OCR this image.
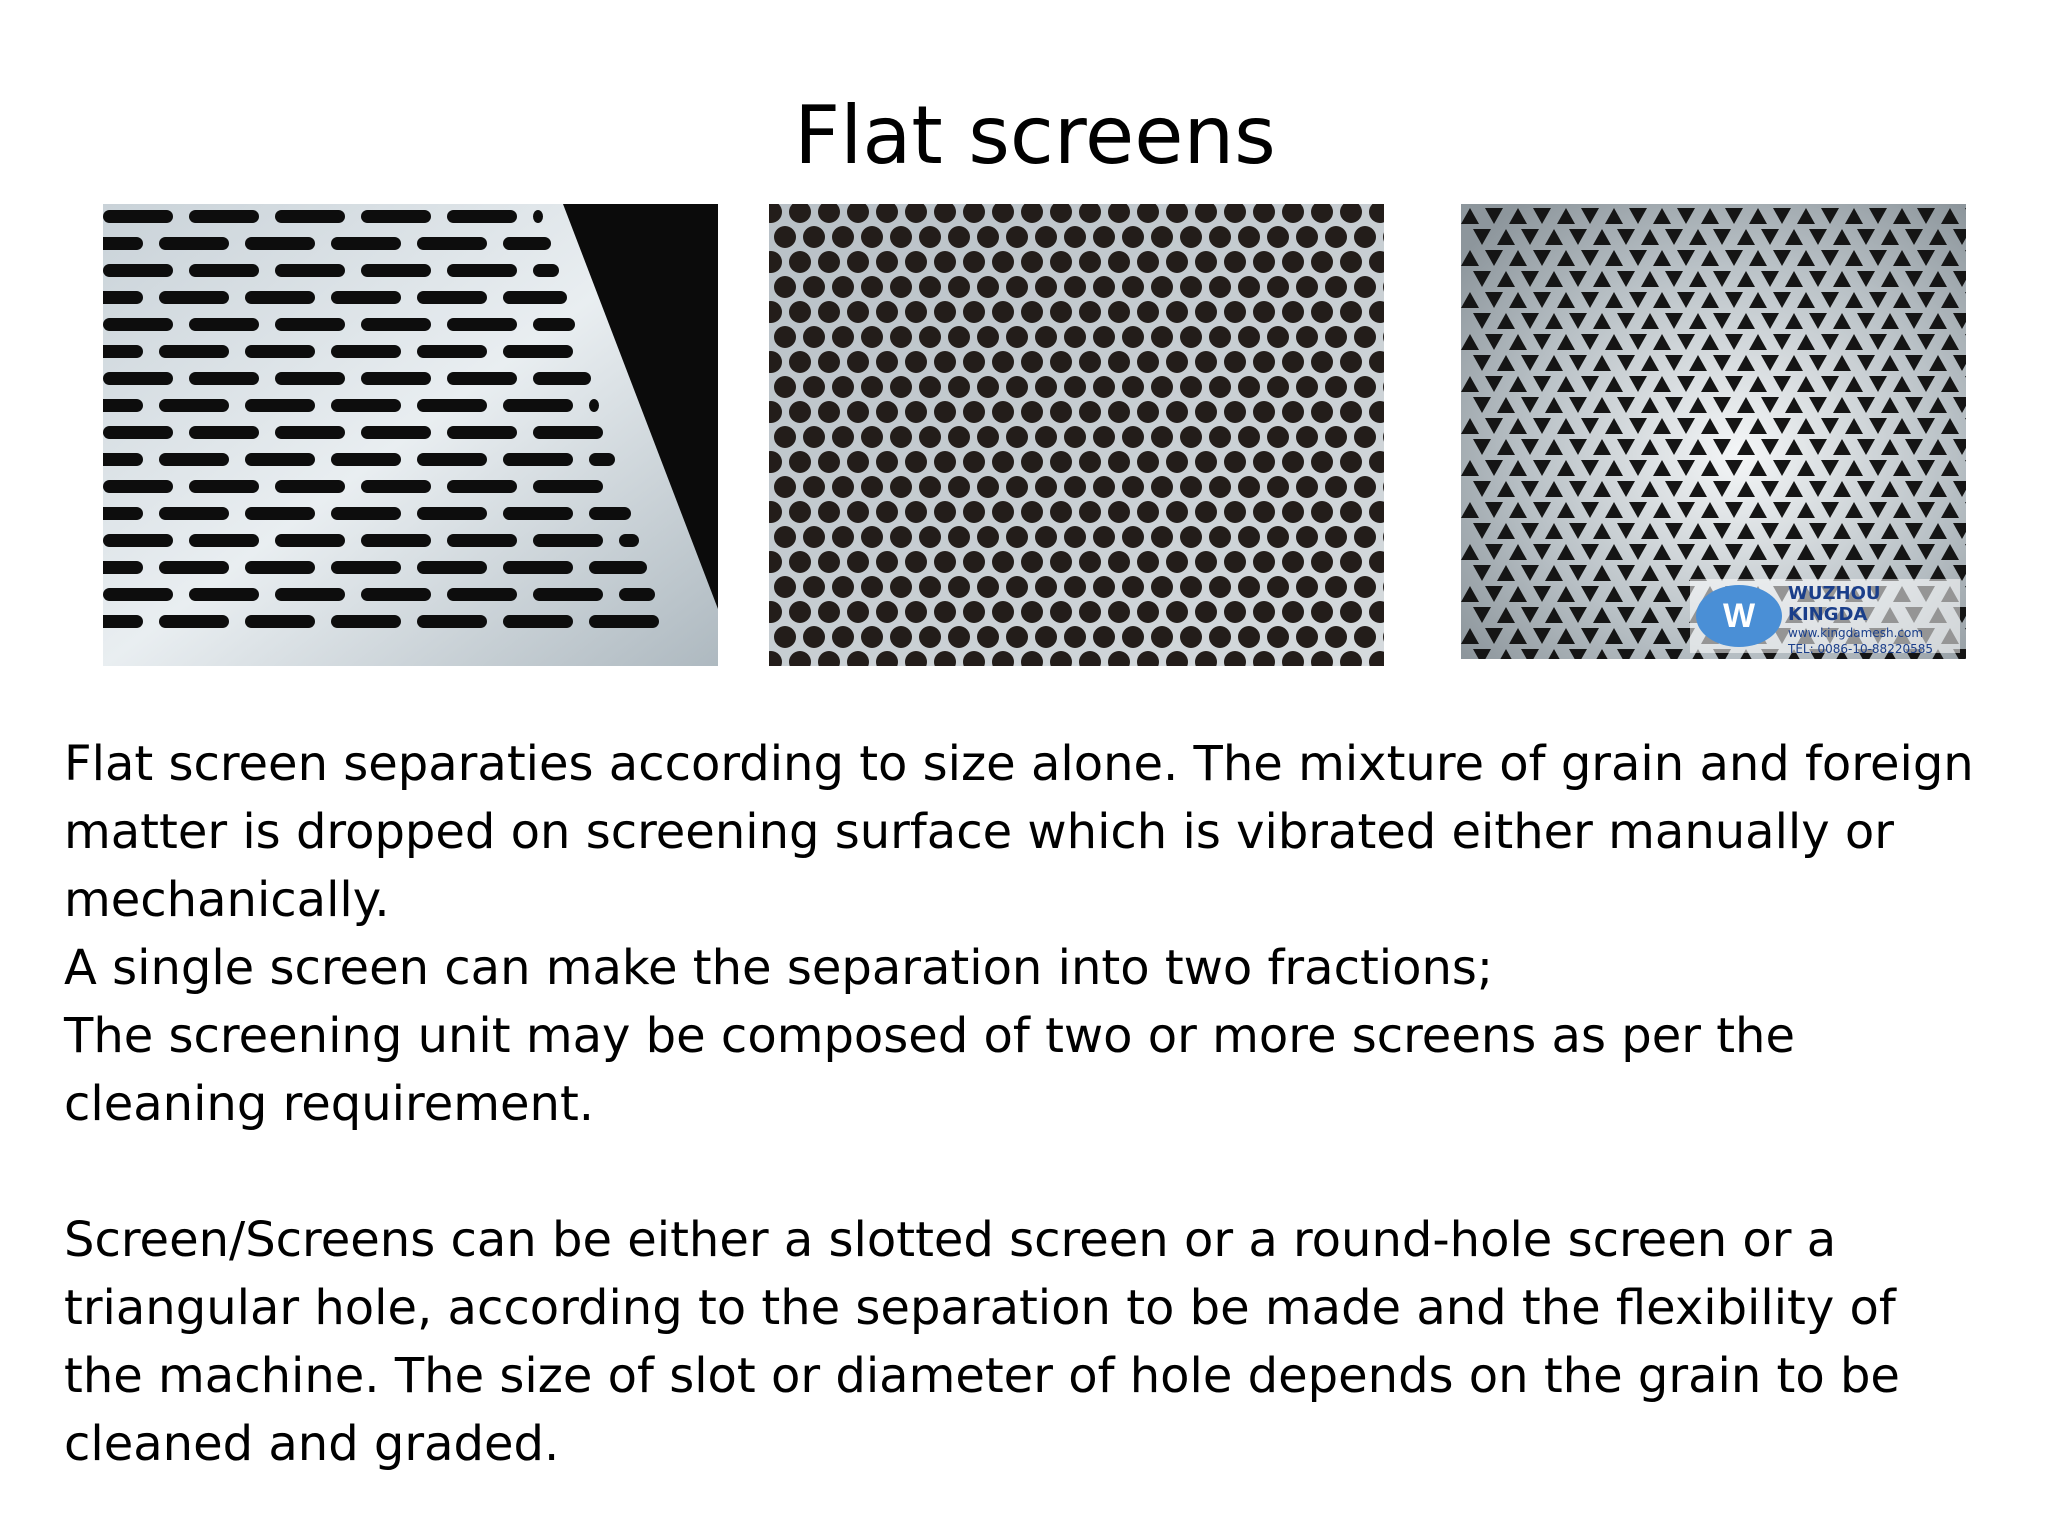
Flat screens
W
WUZHOU KINGDA
www.kingdamesh.com
TEL: 0086-10-88220585

Flat screen separaties according to size alone. The mixture of grain and foreign matter is dropped on screening surface which is vibrated either manually or mechanically.

A single screen can make the separation into two fractions;

The screening unit may be composed of two or more screens as per the cleaning requirement.

Screen/Screens can be either a slotted screen or a round-hole screen or a triangular hole, according to the separation to be made and the flexibility of the machine. The size of slot or diameter of hole depends on the grain to be cleaned and graded.
